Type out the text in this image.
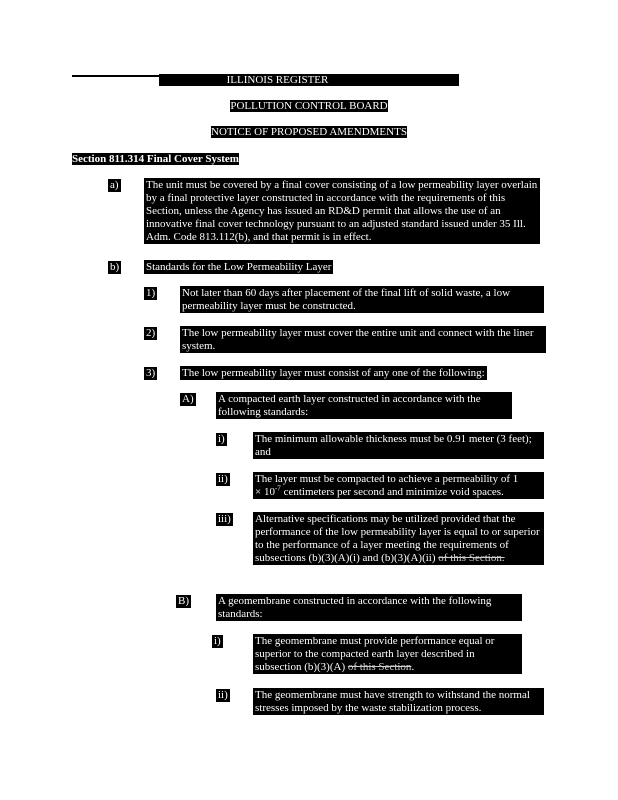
ILLINOIS REGISTER
POLLUTION CONTROL BOARD
NOTICE OF PROPOSED AMENDMENTS
Section 811.314 Final Cover System
a) The unit must be covered by a final cover consisting of a low permeability layer overlain by a final protective layer constructed in accordance with the requirements of this Section, unless the Agency has issued an RD&D permit that allows the use of an innovative final cover technology pursuant to an adjusted standard issued under 35 Ill. Adm. Code 813.112(b), and that permit is in effect.
b) Standards for the Low Permeability Layer
1) Not later than 60 days after placement of the final lift of solid waste, a low permeability layer must be constructed.
2) The low permeability layer must cover the entire unit and connect with the liner system.
3) The low permeability layer must consist of any one of the following:
A) A compacted earth layer constructed in accordance with the following standards:
i)	The minimum allowable thickness must be 0.91 meter (3 feet); and
ii) The layer must be compacted to achieve a permeability of 1
× $10^{-7}$ centimeters per second and minimize void spaces.
iii) Alternative specifications may be utilized provided that the performance of the low permeability layer is equal to or superior to the performance of a layer meeting the requirements of subsections (b)(3)(A)(i) and (b)(3)(A)(ii) of this Section.
B)	A geomembrane constructed in accordance with the following standards:
i)	The geomembrane must provide performance equal or superior to the compacted earth layer described in subsection (b)(3)(A) of this Section.
ii) The geomembrane must have strength to withstand the normal stresses imposed by the waste stabilization process.
